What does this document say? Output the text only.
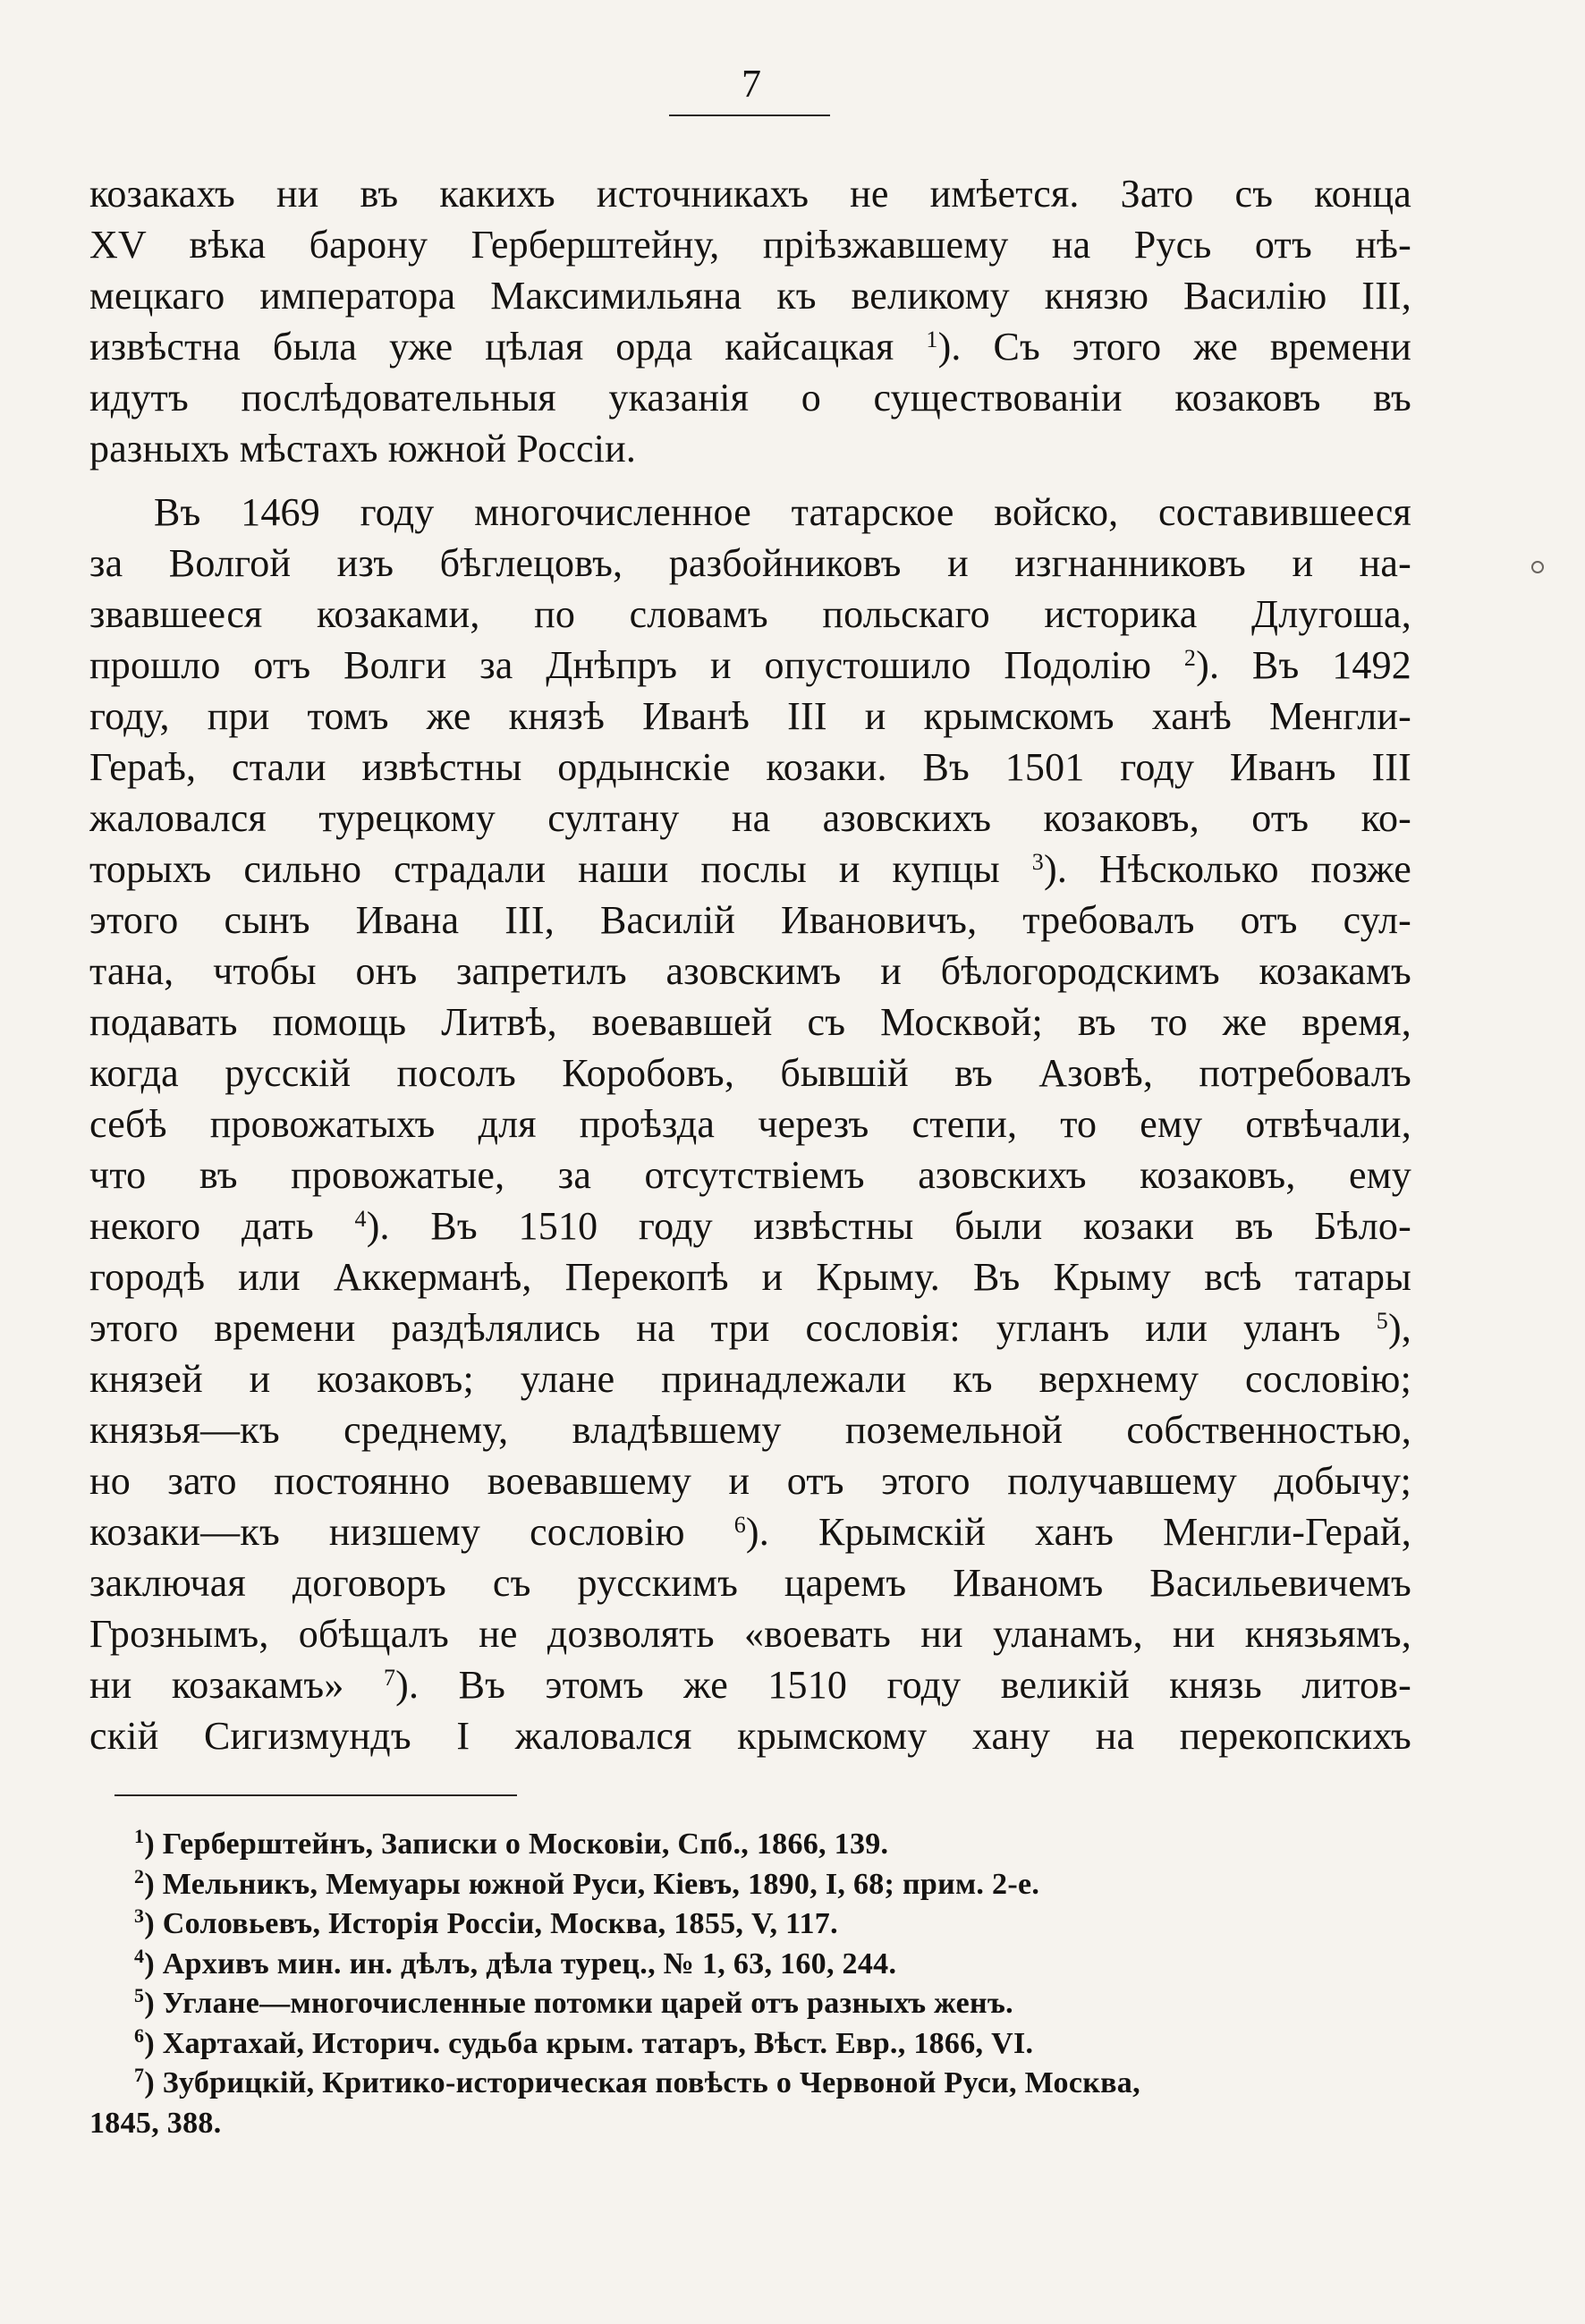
7
козакахъ ни въ какихъ источникахъ не имѣется. Зато съ конца
XV вѣка барону Герберштейну, пріѣзжавшему на Русь отъ нѣ-
мецкаго императора Максимильяна къ великому князю Василію III,
извѣстна была уже цѣлая орда кайсацкая $^1$). Съ этого же времени
идутъ послѣдовательныя указанія о существованіи козаковъ въ
разныхъ мѣстахъ южной Россіи.
Въ 1469 году многочисленное татарское войско, составившееся
за Волгой изъ бѣглецовъ, разбойниковъ и изгнанниковъ и на-
звавшееся козаками, по словамъ польскаго историка Длугоша,
прошло отъ Волги за Днѣпръ и опустошило Подолію $^2$). Въ 1492
году, при томъ же князѣ Иванѣ III и крымскомъ ханѣ Менгли-
Гераѣ, стали извѣстны ордынскіе козаки. Въ 1501 году Иванъ III
жаловался турецкому султану на азовскихъ козаковъ, отъ ко-
торыхъ сильно страдали наши послы и купцы $^3$). Нѣсколько позже
этого сынъ Ивана III, Василій Ивановичъ, требовалъ отъ сул-
тана, чтобы онъ запретилъ азовскимъ и бѣлогородскимъ козакамъ
подавать помощь Литвѣ, воевавшей съ Москвой; въ то же время,
когда русскій посолъ Коробовъ, бывшій въ Азовѣ, потребовалъ
себѣ провожатыхъ для проѣзда черезъ степи, то ему отвѣчали,
что въ провожатые, за отсутствіемъ азовскихъ козаковъ, ему
некого дать $^4$). Въ 1510 году извѣстны были козаки въ Бѣло-
городѣ или Аккерманѣ, Перекопѣ и Крыму. Въ Крыму всѣ татары
этого времени раздѣлялись на три сословія: угланъ или уланъ $^5$),
князей и козаковъ; улане принадлежали къ верхнему сословію;
князья—къ среднему, владѣвшему поземельной собственностью,
но зато постоянно воевавшему и отъ этого получавшему добычу;
козаки—къ низшему сословію $^6$). Крымскій ханъ Менгли-Герай,
заключая договоръ съ русскимъ царемъ Иваномъ Васильевичемъ
Грознымъ, обѣщалъ не дозволять «воевать ни уланамъ, ни князьямъ,
ни козакамъ» $^7$). Въ этомъ же 1510 году великій князь литов-
скій Сигизмундъ I жаловался крымскому хану на перекопскихъ
$^1$) Герберштейнъ, Записки о Московіи, Спб., 1866, 139.
$^2$) Мельникъ, Мемуары южной Руси, Кіевъ, 1890, I, 68; прим. 2-е.
$^3$) Соловьевъ, Исторія Россіи, Москва, 1855, V, 117.
$^4$) Архивъ мин. ин. дѣлъ, дѣла турец., № 1, 63, 160, 244.
$^5$) Углане—многочисленные потомки царей отъ разныхъ женъ.
$^6$) Хартахай, Историч. судьба крым. татаръ, Вѣст. Евр., 1866, VI.
$^7$) Зубрицкій, Критико-историческая повѣсть о Червоной Руси, Москва,
1845, 388.
